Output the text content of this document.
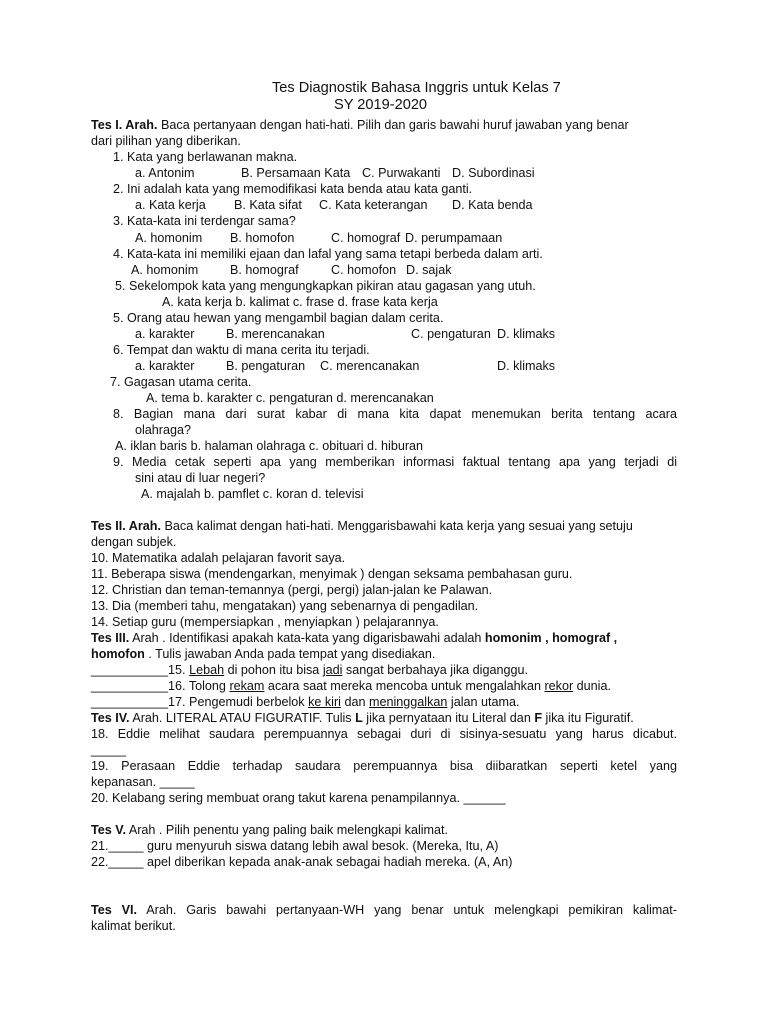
Tes Diagnostik Bahasa Inggris untuk Kelas 7
SY 2019-2020
Tes I. Arah. Baca pertanyaan dengan hati-hati. Pilih dan garis bawahi huruf jawaban yang benar
dari pilihan yang diberikan.
1. Kata yang berlawanan makna.
a. Antonim	B. Persamaan Kata C. Purwakanti D. Subordinasi
2. Ini adalah kata yang memodifikasi kata benda atau kata ganti.
a. Kata kerja B. Kata sifat C. Kata keterangan D. Kata benda
3. Kata-kata ini terdengar sama?
A. homonim B. homofon	C. homograf D. perumpamaan
4. Kata-kata ini memiliki ejaan dan lafal yang sama tetapi berbeda dalam arti.
A. homonim	B. homograf	C. homofon D. sajak
5. Sekelompok kata yang mengungkapkan pikiran atau gagasan yang utuh.
A. kata kerja b. kalimat c. frase d. frase kata kerja
5. Orang atau hewan yang mengambil bagian dalam cerita.
a. karakter	B. merencanakan	C. pengaturan D. klimaks
6. Tempat dan waktu di mana cerita itu terjadi.
a. karakter	B. pengaturan C. merencanakan	D. klimaks
7. Gagasan utama cerita.
A. tema b. karakter c. pengaturan d. merencanakan
8. Bagian mana dari surat kabar di mana kita dapat menemukan berita tentang acara
olahraga?
A. iklan baris b. halaman olahraga c. obituari d. hiburan
9. Media cetak seperti apa yang memberikan informasi faktual tentang apa yang terjadi di
sini atau di luar negeri?
A. majalah b. pamflet c. koran d. televisi
Tes II. Arah. Baca kalimat dengan hati-hati. Menggarisbawahi kata kerja yang sesuai yang setuju
dengan subjek.
10. Matematika adalah pelajaran favorit saya.
11. Beberapa siswa (mendengarkan, menyimak ) dengan seksama pembahasan guru.
12. Christian dan teman-temannya (pergi, pergi) jalan-jalan ke Palawan.
13. Dia (memberi tahu, mengatakan) yang sebenarnya di pengadilan.
14. Setiap guru (mempersiapkan , menyiapkan ) pelajarannya.
Tes III. Arah . Identifikasi apakah kata-kata yang digarisbawahi adalah homonim , homograf ,
homofon . Tulis jawaban Anda pada tempat yang disediakan.
___________15. Lebah di pohon itu bisa jadi sangat berbahaya jika diganggu.
___________16. Tolong rekam acara saat mereka mencoba untuk mengalahkan rekor dunia.
___________17. Pengemudi berbelok ke kiri dan meninggalkan jalan utama.
Tes IV. Arah. LITERAL ATAU FIGURATIF. Tulis L jika pernyataan itu Literal dan F jika itu Figuratif.
18. Eddie melihat saudara perempuannya sebagai duri di sisinya-sesuatu yang harus dicabut.
_____
19. Perasaan Eddie terhadap saudara perempuannya bisa diibaratkan seperti ketel yang
kepanasan. _____
20. Kelabang sering membuat orang takut karena penampilannya. ______
Tes V. Arah . Pilih penentu yang paling baik melengkapi kalimat.
21._____ guru menyuruh siswa datang lebih awal besok. (Mereka, Itu, A)
22._____ apel diberikan kepada anak-anak sebagai hadiah mereka. (A, An)
Tes VI. Arah. Garis bawahi pertanyaan-WH yang benar untuk melengkapi pemikiran kalimat-
kalimat berikut.
